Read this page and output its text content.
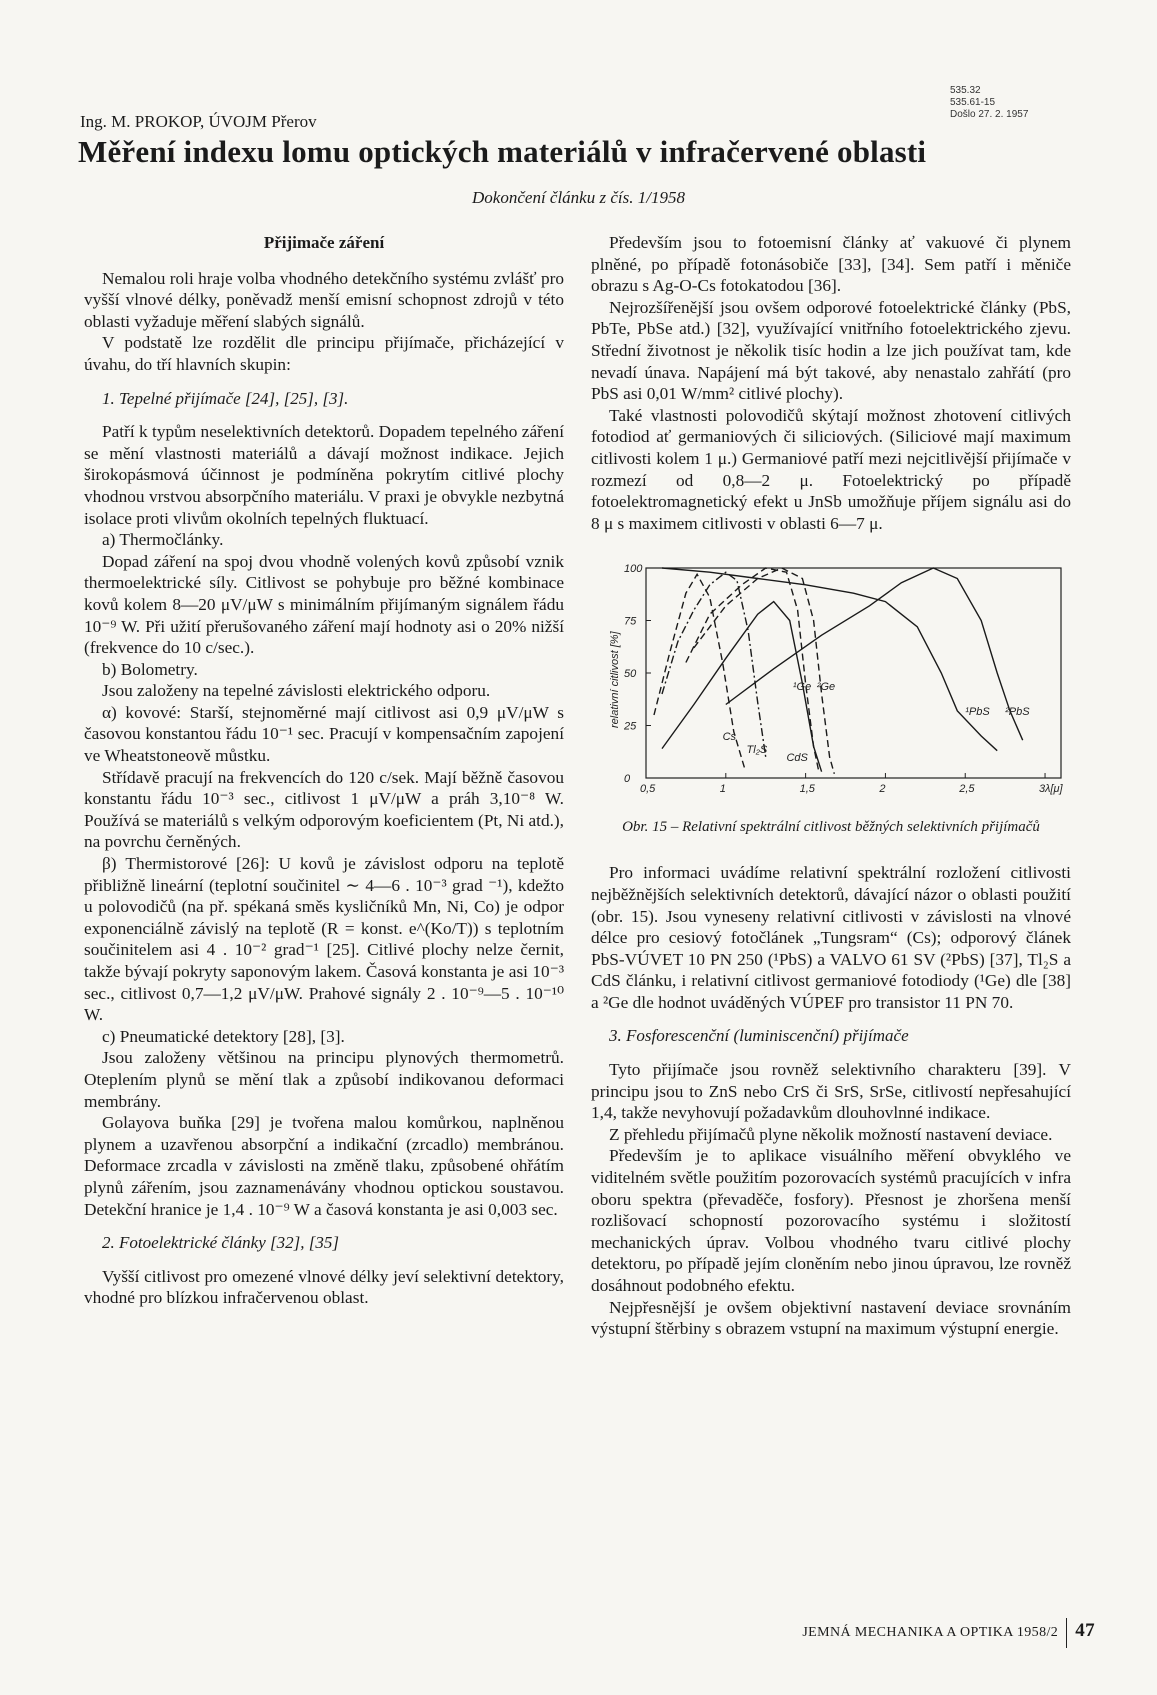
535.32
535.61-15
Došlo 27. 2. 1957
Ing. M. PROKOP, ÚVOJM Přerov
Měření indexu lomu optických materiálů v infračervené oblasti
Dokončení článku z čís. 1/1958
Přijimače záření

Nemalou roli hraje volba vhodného detekčního systému zvlášť pro vyšší vlnové délky, poněvadž menší emisní schopnost zdrojů v této oblasti vyžaduje měření slabých signálů.

V podstatě lze rozdělit dle principu přijímače, přicházející v úvahu, do tří hlavních skupin:

1. Tepelné přijímače [24], [25], [3].

Patří k typům neselektivních detektorů. Dopadem tepelného záření se mění vlastnosti materiálů a dávají možnost indikace. Jejich širokopásmová účinnost je podmíněna pokrytím citlivé plochy vhodnou vrstvou absorpčního materiálu. V praxi je obvykle nezbytná isolace proti vlivům okolních tepelných fluktuací.

a) Thermočlánky.

Dopad záření na spoj dvou vhodně volených kovů způsobí vznik thermoelektrické síly. Citlivost se pohybuje pro běžné kombinace kovů kolem 8—20 μV/μW s minimálním přijímaným signálem řádu 10⁻⁹ W. Při užití přerušovaného záření mají hodnoty asi o 20% nižší (frekvence do 10 c/sec.).

b) Bolometry.

Jsou založeny na tepelné závislosti elektrického odporu.

α) kovové: Starší, stejnoměrné mají citlivost asi 0,9 μV/μW s časovou konstantou řádu 10⁻¹ sec. Pracují v kompensačním zapojení ve Wheatstoneově můstku.

Střídavě pracují na frekvencích do 120 c/sek. Mají běžně časovou konstantu řádu 10⁻³ sec., citlivost 1 μV/μW a práh 3,10⁻⁸ W. Používá se materiálů s velkým odporovým koeficientem (Pt, Ni atd.), na povrchu černěných.

β) Thermistorové [26]: U kovů je závislost odporu na teplotě přibližně lineární (teplotní součinitel ∼ 4—6 . 10⁻³ grad ⁻¹), kdežto u polovodičů (na př. spékaná směs kysličníků Mn, Ni, Co) je odpor exponenciálně závislý na teplotě (R = konst. e^(Ko/T)) s teplotním součinitelem asi 4 . 10⁻² grad⁻¹ [25]. Citlivé plochy nelze černit, takže bývají pokryty saponovým lakem. Časová konstanta je asi 10⁻³ sec., citlivost 0,7—1,2 μV/μW. Prahové signály 2 . 10⁻⁹—5 . 10⁻¹⁰ W.

c) Pneumatické detektory [28], [3].

Jsou založeny většinou na principu plynových thermometrů. Oteplením plynů se mění tlak a způsobí indikovanou deformaci membrány.

Golayova buňka [29] je tvořena malou komůrkou, naplněnou plynem a uzavřenou absorpční a indikační (zrcadlo) membránou. Deformace zrcadla v závislosti na změně tlaku, způsobené ohřátím plynů zářením, jsou zaznamenávány vhodnou optickou soustavou. Detekční hranice je 1,4 . 10⁻⁹ W a časová konstanta je asi 0,003 sec.

2. Fotoelektrické články [32], [35]

Vyšší citlivost pro omezené vlnové délky jeví selektivní detektory, vhodné pro blízkou infračervenou oblast.

Především jsou to fotoemisní články ať vakuové či plynem plněné, po případě fotonásobiče [33], [34]. Sem patří i měniče obrazu s Ag-O-Cs fotokatodou [36].

Nejrozšířenější jsou ovšem odporové fotoelektrické články (PbS, PbTe, PbSe atd.) [32], využívající vnitřního fotoelektrického zjevu. Střední životnost je několik tisíc hodin a lze jich používat tam, kde nevadí únava. Napájení má být takové, aby nenastalo zahřátí (pro PbS asi 0,01 W/mm² citlivé plochy).

Také vlastnosti polovodičů skýtají možnost zhotovení citlivých fotodiod ať germaniových či siliciových. (Siliciové mají maximum citlivosti kolem 1 μ.) Germaniové patří mezi nejcitlivější přijímače v rozmezí od 0,8—2 μ. Fotoelektrický po případě fotoelektromagnetický efekt u JnSb umožňuje příjem signálu asi do 8 μ s maximem citlivosti v oblasti 6—7 μ.

0,5	1	1,5	2	2,5	3
0
25
50
75
100
λ[μ]
relativní citlivost [%]
Cs
Tl₂S
CdS
¹Ge ²Ge
¹PbS ²PbS
Obr. 15 – Relativní spektrální citlivost běžných selektivních přijímačů

Pro informaci uvádíme relativní spektrální rozložení citlivosti nejběžnějších selektivních detektorů, dávající názor o oblasti použití (obr. 15). Jsou vyneseny relativní citlivosti v závislosti na vlnové délce pro cesiový fotočlánek „Tungsram“ (Cs); odporový článek PbS-VÚVET 10 PN 250 (¹PbS) a VALVO 61 SV (²PbS) [37], Tl₂S a CdS článku, i relativní citlivost germaniové fotodiody (¹Ge) dle [38] a ²Ge dle hodnot uváděných VÚPEF pro transistor 11 PN 70.

3. Fosforescenční (luminiscenční) přijímače

Tyto přijímače jsou rovněž selektivního charakteru [39]. V principu jsou to ZnS nebo CrS či SrS, SrSe, citlivostí nepřesahující 1,4, takže nevyhovují požadavkům dlouhovlnné indikace.

Z přehledu přijímačů plyne několik možností nastavení deviace.

Především je to aplikace visuálního měření obvyklého ve viditelném světle použitím pozorovacích systémů pracujících v infra oboru spektra (převaděče, fosfory). Přesnost je zhoršena menší rozlišovací schopností pozorovacího systému i složitostí mechanických úprav. Volbou vhodného tvaru citlivé plochy detektoru, po případě jejím cloněním nebo jinou úpravou, lze rovněž dosáhnout podobného efektu.

Nejpřesnější je ovšem objektivní nastavení deviace srovnáním výstupní štěrbiny s obrazem vstupní na maximum výstupní energie.

JEMNÁ MECHANIKA A OPTIKA 1958/2 47
